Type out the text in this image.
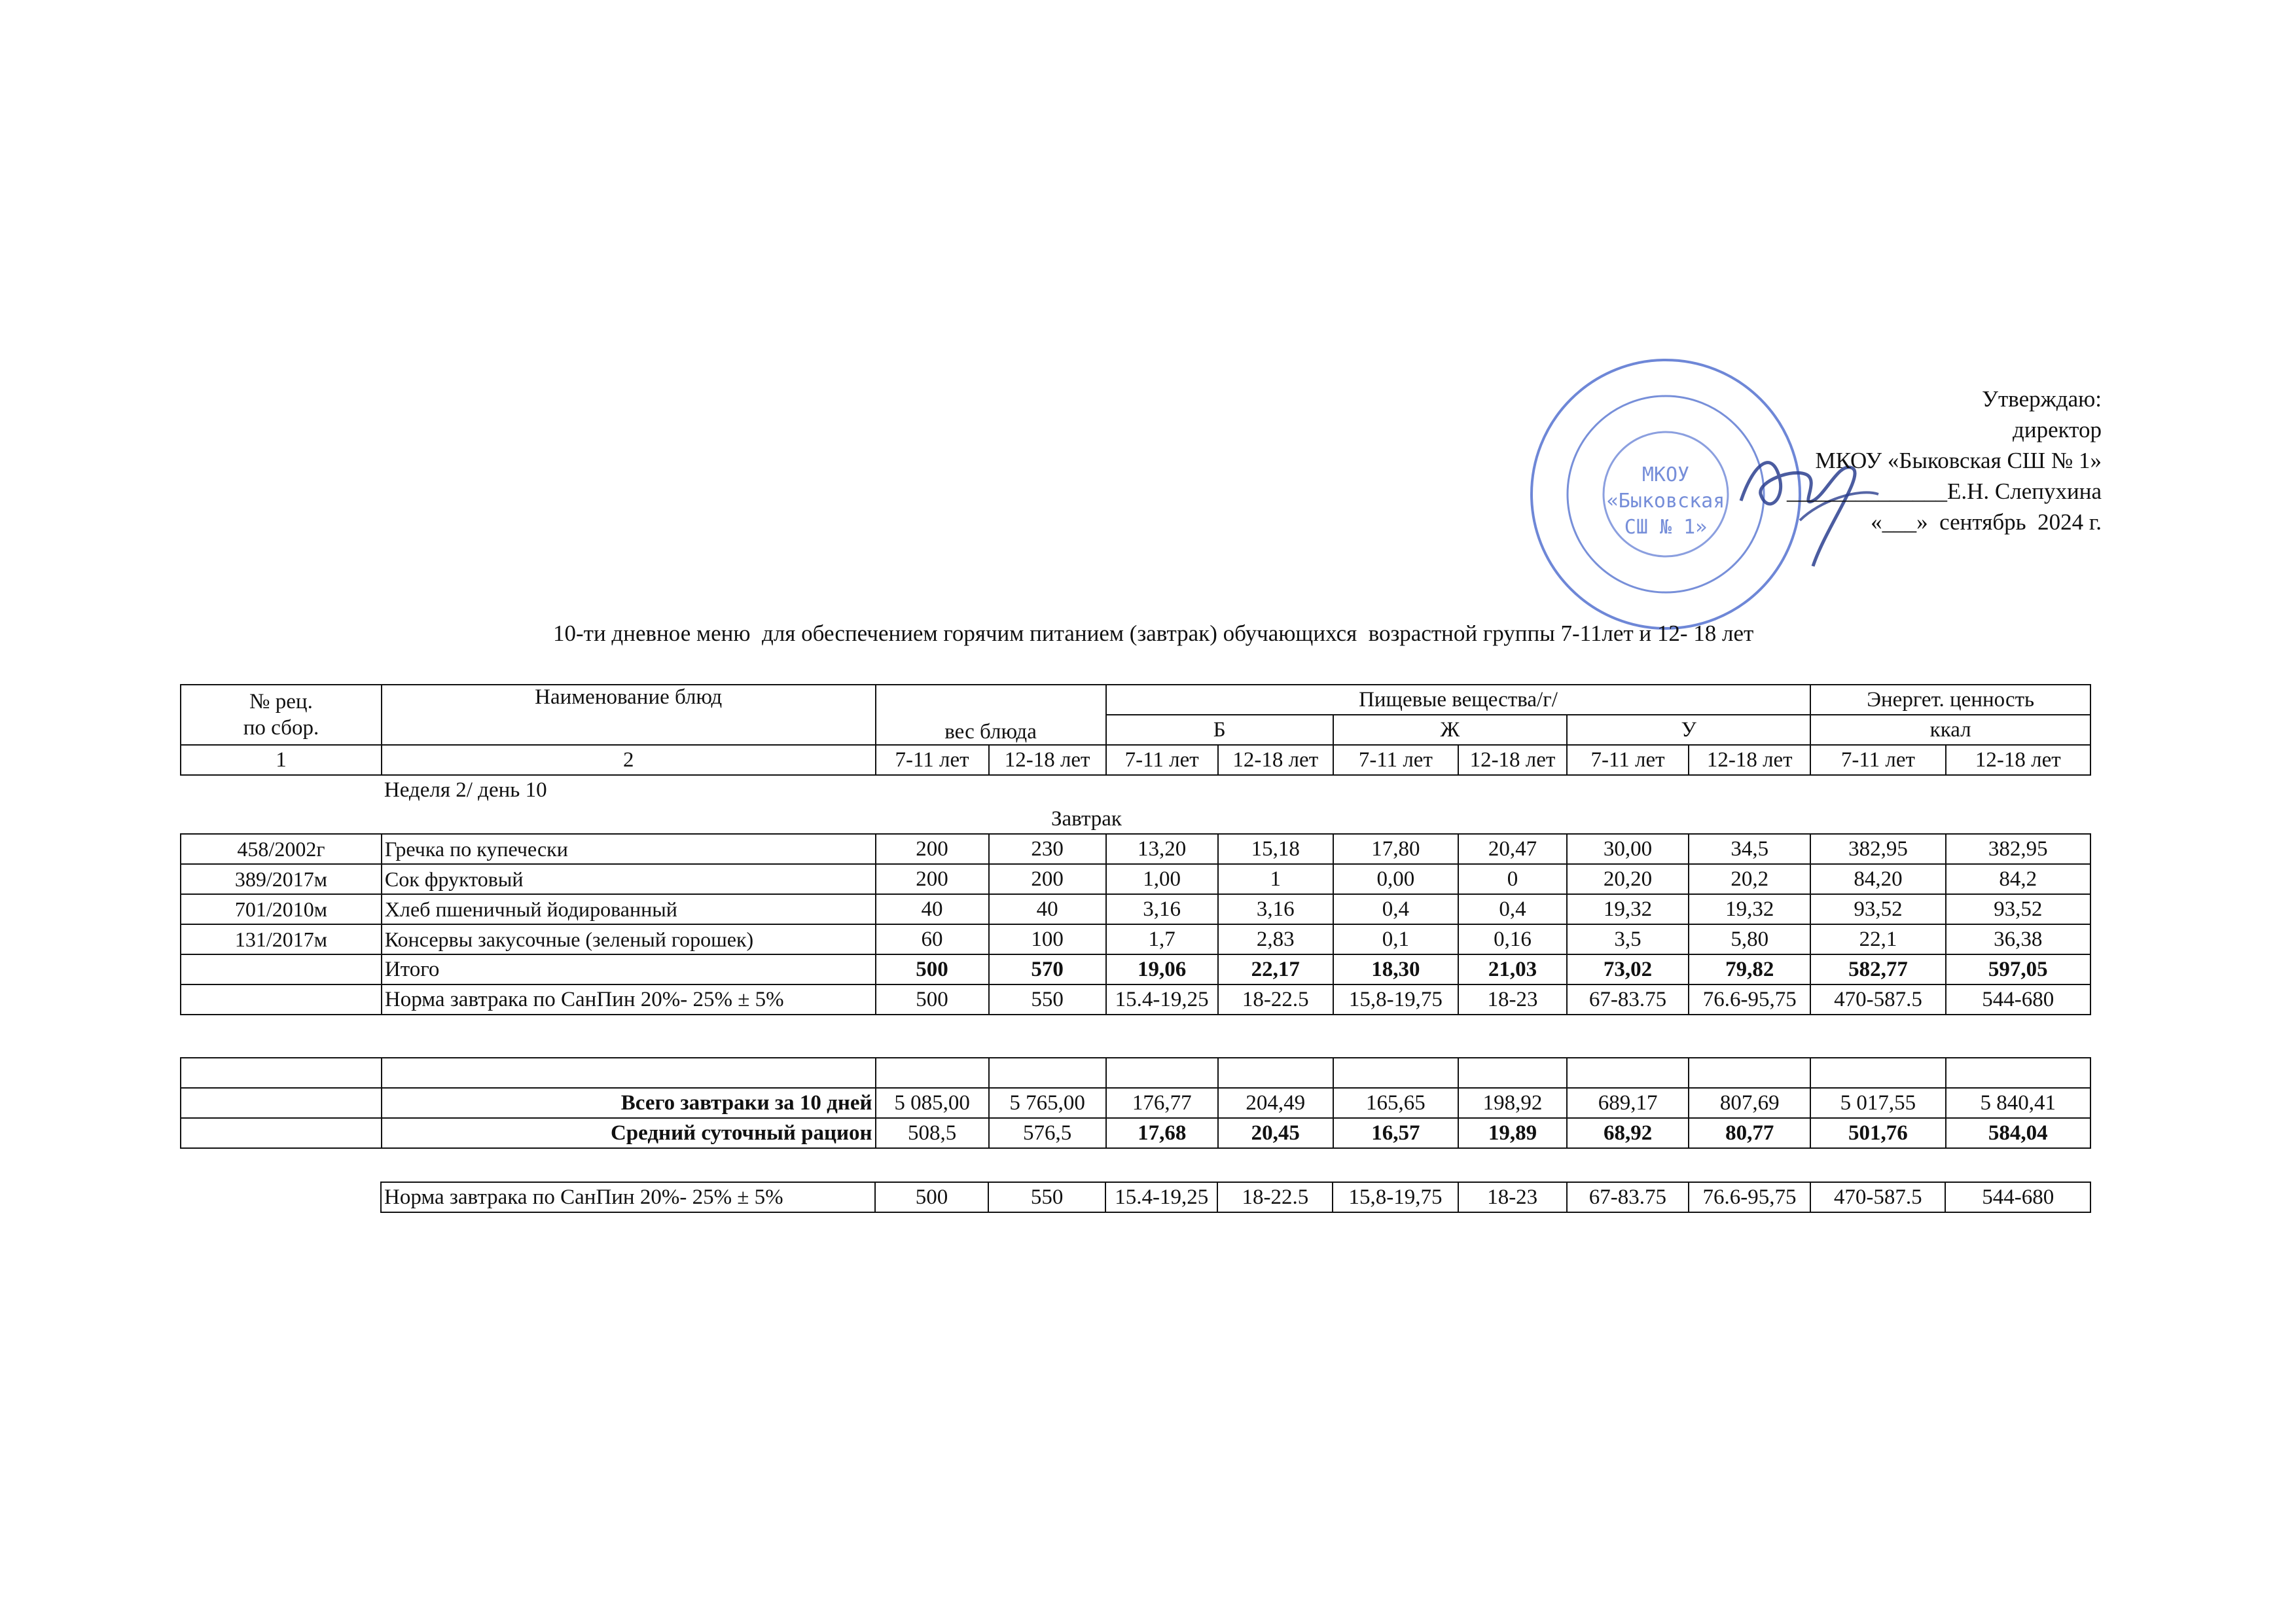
МКОУ
«Быковская
СШ № 1»
Утверждаю:
директор
МКОУ «Быковская СШ № 1»
______________Е.Н. Слепухина
«___»  сентябрь  2024 г.
10-ти дневное меню  для обеспечением горячим питанием (завтрак) обучающихся  возрастной группы 7-11лет и 12- 18 лет
№ рец.
по сбор.	Наименование блюд	вес блюда		Пищевые вещества/г/						Энергет. ценность	
				Б		Ж		У		ккал	
1	2	7-11 лет	12-18 лет	7-11 лет	12-18 лет	7-11 лет	12-18 лет	7-11 лет	12-18 лет	7-11 лет	12-18 лет
	Неделя 2/ день 10										
Завтрак											
458/2002г	Гречка по купечески	200	230	13,20	15,18	17,80	20,47	30,00	34,5	382,95	382,95
389/2017м	Сок фруктовый	200	200	1,00	1	0,00	0	20,20	20,2	84,20	84,2
701/2010м	Хлеб пшеничный йодированный	40	40	3,16	3,16	0,4	0,4	19,32	19,32	93,52	93,52
131/2017м	Консервы закусочные (зеленый горошек)	60	100	1,7	2,83	0,1	0,16	3,5	5,80	22,1	36,38
	Итого	500	570	19,06	22,17	18,30	21,03	73,02	79,82	582,77	597,05
	Норма завтрака по СанПин 20%- 25% ± 5%	500	550	15.4-19,25	18-22.5	15,8-19,75	18-23	67-83.75	76.6-95,75	470-587.5	544-680

	Всего завтраки за 10 дней	5 085,00	5 765,00	176,77	204,49	165,65	198,92	689,17	807,69	5 017,55	5 840,41
	Средний суточный рацион	508,5	576,5	17,68	20,45	16,57	19,89	68,92	80,77	501,76	584,04
	Норма завтрака по СанПин 20%- 25% ± 5%	500	550	15.4-19,25	18-22.5	15,8-19,75	18-23	67-83.75	76.6-95,75	470-587.5	544-680
